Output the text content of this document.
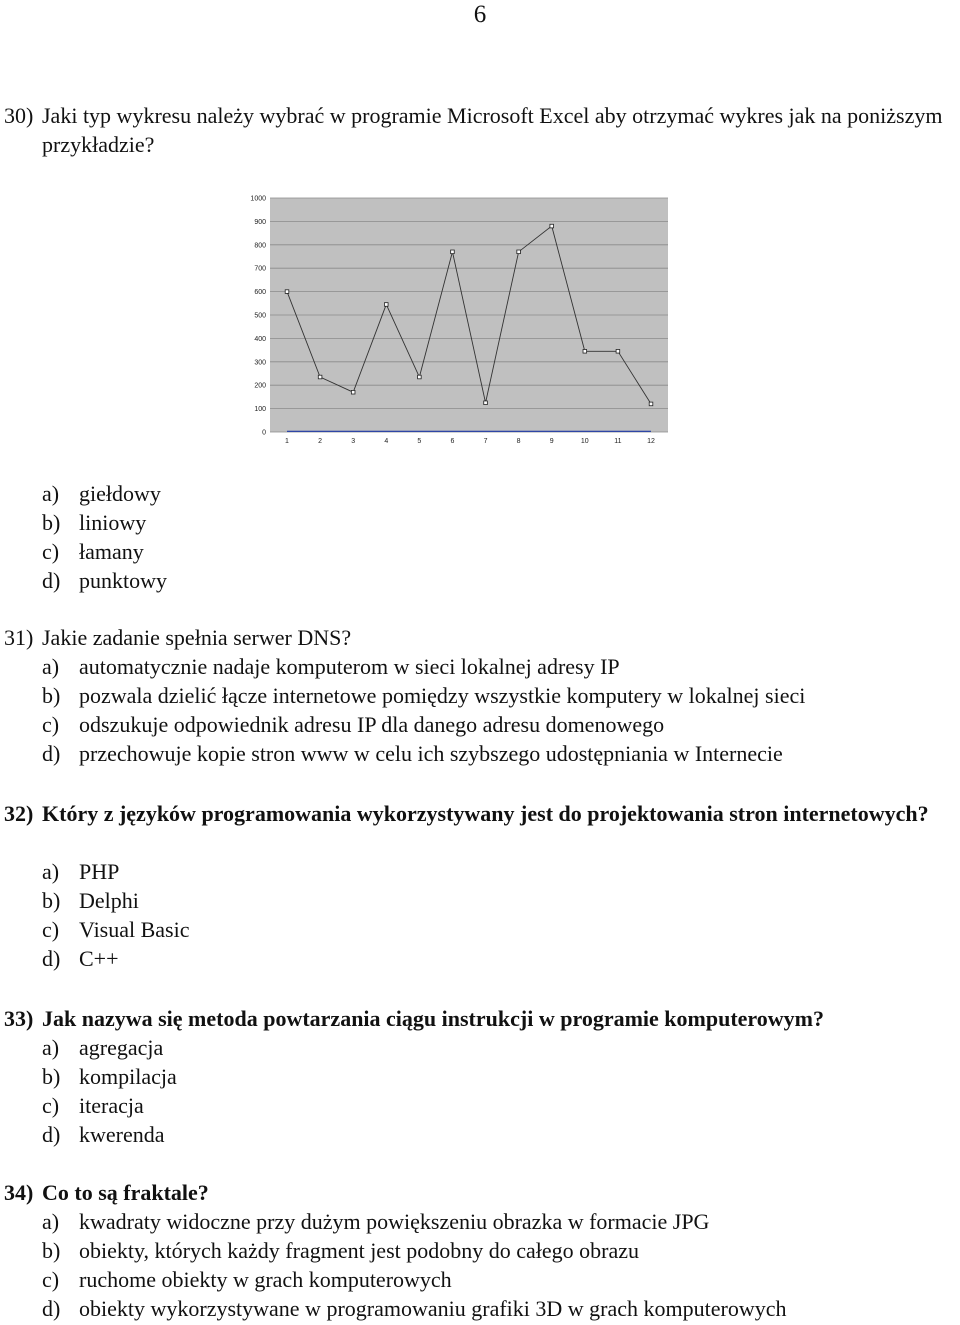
6
30) Jaki typ wykresu należy wybrać w programie Microsoft Excel aby otrzymać wykres jak na poniższym przykładzie?
0
100
200
300
400
500
600
700
800
900
1000
1	2	3	4	5	6	7	8	9	10	11	12
a) giełdowy
b) liniowy
c) łamany
d) punktowy
31) Jakie zadanie spełnia serwer DNS?
a) automatycznie nadaje komputerom w sieci lokalnej adresy IP
b) pozwala dzielić łącze internetowe pomiędzy wszystkie komputery w lokalnej sieci
c) odszukuje odpowiednik adresu IP dla danego adresu domenowego
d) przechowuje kopie stron www w celu ich szybszego udostępniania w Internecie
32) Który z języków programowania wykorzystywany jest do projektowania stron internetowych?
a) PHP
b) Delphi
c) Visual Basic
d) C++
33) Jak nazywa się metoda powtarzania ciągu instrukcji w programie komputerowym?
a) agregacja
b) kompilacja
c) iteracja
d) kwerenda
34) Co to są fraktale?
a) kwadraty widoczne przy dużym powiększeniu obrazka w formacie JPG
b) obiekty, których każdy fragment jest podobny do całego obrazu
c) ruchome obiekty w grach komputerowych
d) obiekty wykorzystywane w programowaniu grafiki 3D w grach komputerowych
